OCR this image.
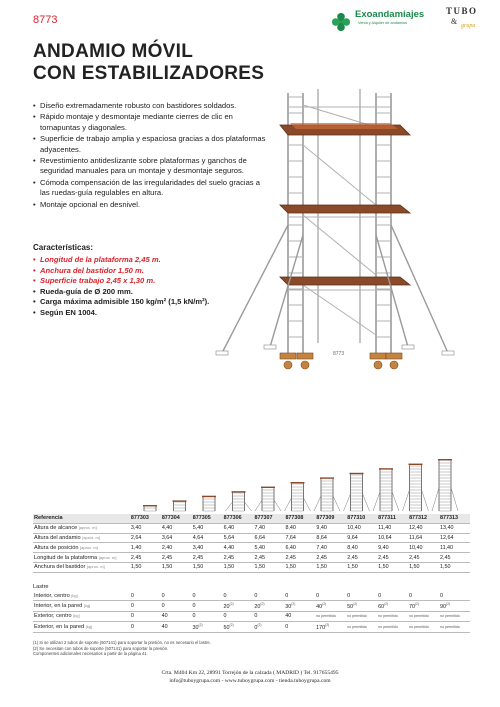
8773	Exoandamiajes
Venta y Alquiler de andamios
TUBO
& grupa
ANDAMIO MÓVIL
CON ESTABILIZADORES
• Diseño extremadamente robusto con bastidores soldados.
• Rápido montaje y desmontaje mediante cierres de clic en tornapuntas y diagonales.
• Superficie de trabajo amplia y espaciosa gracias a dos plataformas adyacentes.
• Revestimiento antideslizante sobre plataformas y ganchos de seguridad manuales para un montaje y desmontaje seguros.
• Cómoda compensación de las irregularidades del suelo gracias a las ruedas-guía regulables en altura.
• Montaje opcional en desnivel.
Características:
• Longitud de la plataforma 2,45 m.
• Anchura del bastidor 1,50 m.
• Superficie trabajo 2,45 x 1,30 m.
• Rueda-guía de Ø 200 mm.
• Carga máxima admisible 150 kg/m² (1,5 kN/m²).
• Según EN 1004.
8773
Referencia	877303	877304	877305	877306	877307	877308	877309	877310	877311	877312	877313
Altura de alcance [aprox. m]	3,40	4,40	5,40	6,40	7,40	8,40	9,40	10,40	11,40	12,40	13,40
Altura del andamio [aprox. m]	2,64	3,64	4,64	5,64	6,64	7,64	8,64	9,64	10,64	11,64	12,64
Altura de posición [aprox. m]	1,40	2,40	3,40	4,40	5,40	6,40	7,40	8,40	9,40	10,40	11,40
Longitud de la plataforma [aprox. m]	2,45	2,45	2,45	2,45	2,45	2,45	2,45	2,45	2,45	2,45	2,45
Anchura del bastidor [aprox. m]	1,50	1,50	1,50	1,50	1,50	1,50	1,50	1,50	1,50	1,50	1,50
Lastre
Interior, centro [kg]	0	0	0	0	0	0	0	0	0	0	0
Interior, en la pared [kg]	0	0	0	20$^{(2)}$	20$^{(2)}$	30$^{(2)}$	40$^{(2)}$	50$^{(2)}$	60$^{(2)}$	70$^{(2)}$	90$^{(2)}$
Exterior, centro [kg]	0	40	0	0	0	40	no permitido	no permitido	no permitido	no permitido	no permitido
Exterior, en la pared [kg]	0	40	30$^{(2)}$	50$^{(2)}$	0$^{(2)}$	0	170$^{(2)}$	no permitido	no permitido	no permitido	no permitido
(1) Si se utilizan 2 tubos de soporte (507141) para soportar la presión, no es necesario el lastre.
(2) Se necesitan con tubos de soporte (507141) para soportar la presión.
Componentes adicionales necesarios a partir de la página 41.
Crta. M404 Km 22, 28991 Torrejón de la calzada ( MADRID ) Tel. 917655495
info@tuboygrupa.com - www.tuboygrupa.com - tienda.tuboygrupa.com
